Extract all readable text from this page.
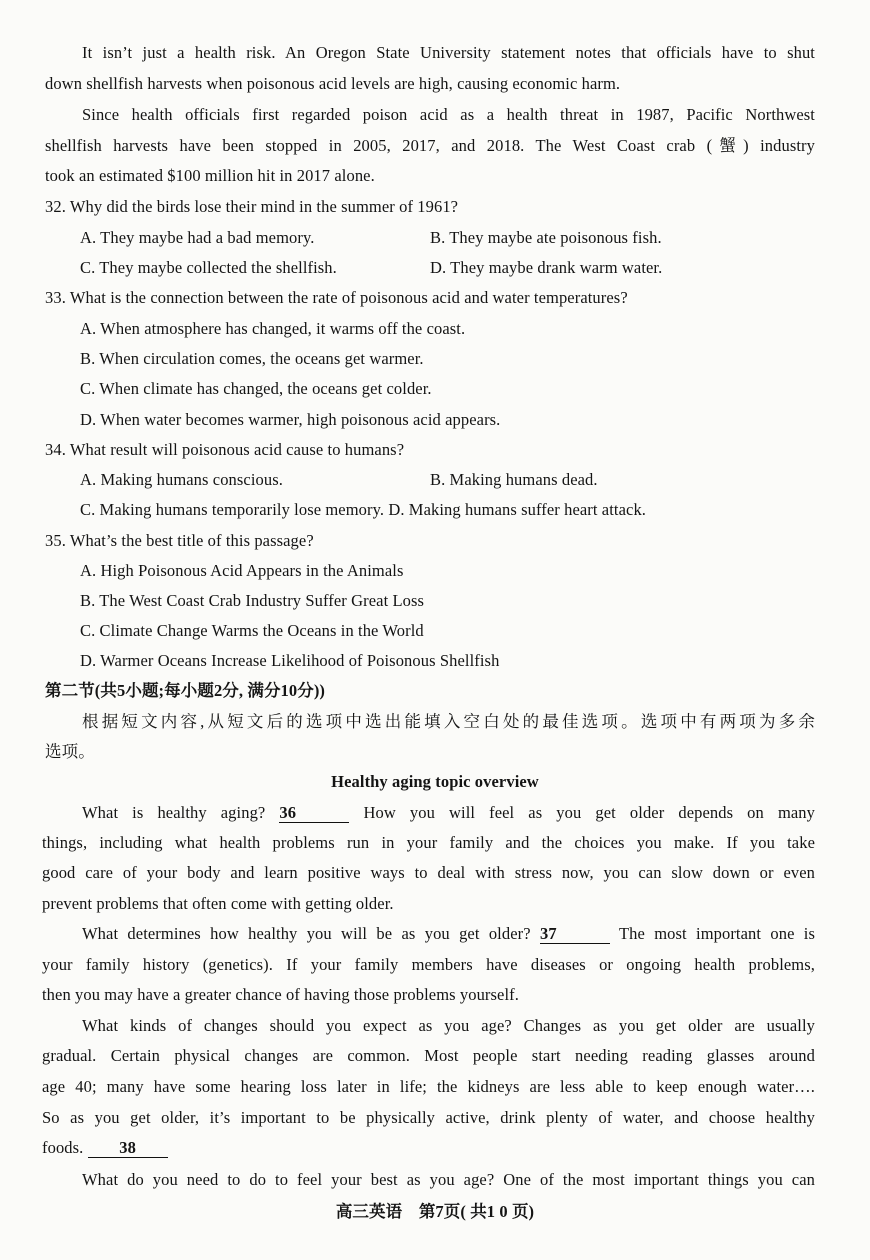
It isn’t just a health risk. An Oregon State University statement notes that officials have to shut
down shellfish harvests when poisonous acid levels are high, causing economic harm.
Since health officials first regarded poison acid as a health threat in 1987, Pacific Northwest
shellfish harvests have been stopped in 2005, 2017, and 2018. The West Coast crab (蟹) industry
took an estimated $100 million hit in 2017 alone.
32. Why did the birds lose their mind in the summer of 1961?
A. They maybe had a bad memory.	B. They maybe ate poisonous fish.
C. They maybe collected the shellfish.	D. They maybe drank warm water.
33. What is the connection between the rate of poisonous acid and water temperatures?
A. When atmosphere has changed, it warms off the coast.
B. When circulation comes, the oceans get warmer.
C. When climate has changed, the oceans get colder.
D. When water becomes warmer, high poisonous acid appears.
34. What result will poisonous acid cause to humans?
A. Making humans conscious.	B. Making humans dead.
C. Making humans temporarily lose memory. D. Making humans suffer heart attack.
35. What’s the best title of this passage?
A. High Poisonous Acid Appears in the Animals
B. The West Coast Crab Industry Suffer Great Loss
C. Climate Change Warms the Oceans in the World
D. Warmer Oceans Increase Likelihood of Poisonous Shellfish
第二节(共5小题;每小题2分, 满分10分))
根据短文内容,从短文后的选项中选出能填入空白处的最佳选项。选项中有两项为多余
选项。
Healthy aging topic overview
What is healthy aging? 36	How you will feel as you get older depends on many
things, including what health problems run in your family and the choices you make. If you take
good care of your body and learn positive ways to deal with stress now, you can slow down or even
prevent problems that often come with getting older.
What determines how healthy you will be as you get older? 37	The most important one is
your family history (genetics). If your family members have diseases or ongoing health problems,
then you may have a greater chance of having those problems yourself.
What kinds of changes should you expect as you age? Changes as you get older are usually
gradual. Certain physical changes are common. Most people start needing reading glasses around
age 40; many have some hearing loss later in life; the kidneys are less able to keep enough water….
So as you get older, it’s important to be physically active, drink plenty of water, and choose healthy
foods. 38
What do you need to do to feel your best as you age? One of the most important things you can
高三英语　第7页( 共1 0 页)
